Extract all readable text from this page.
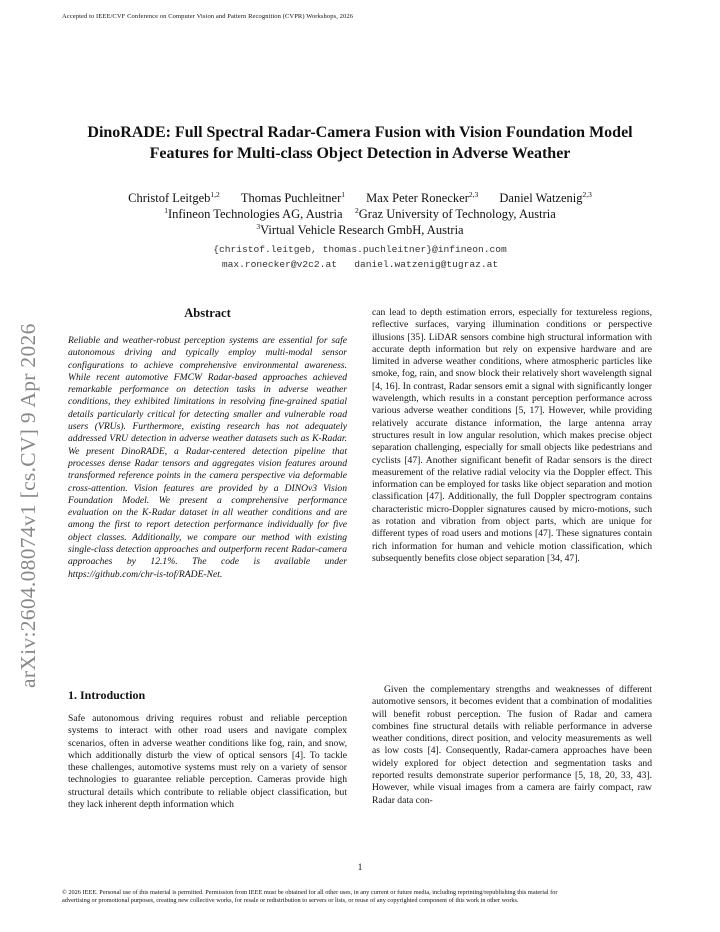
Accepted to IEEE/CVF Conference on Computer Vision and Pattern Recognition (CVPR) Workshops, 2026
arXiv:2604.08074v1 [cs.CV] 9 Apr 2026
DinoRADE: Full Spectral Radar-Camera Fusion with Vision Foundation Model
Features for Multi-class Object Detection in Adverse Weather
Christof Leitgeb$^{1,2}$ Thomas Puchleitner$^1$ Max Peter Ronecker$^{2,3}$ Daniel Watzenig$^{2,3}$
$^1$Infineon Technologies AG, Austria $^2$Graz University of Technology, Austria
$^3$Virtual Vehicle Research GmbH, Austria
{christof.leitgeb, thomas.puchleitner}@infineon.com
max.ronecker@v2c2.at   daniel.watzenig@tugraz.at
Abstract

Reliable and weather-robust perception systems are essential for safe autonomous driving and typically employ multi-modal sensor configurations to achieve comprehensive environmental awareness. While recent automotive FMCW Radar-based approaches achieved remarkable performance on detection tasks in adverse weather conditions, they exhibited limitations in resolving fine-grained spatial details particularly critical for detecting smaller and vulnerable road users (VRUs). Furthermore, existing research has not adequately addressed VRU detection in adverse weather datasets such as K-Radar. We present DinoRADE, a Radar-centered detection pipeline that processes dense Radar tensors and aggregates vision features around transformed reference points in the camera perspective via deformable cross-attention. Vision features are provided by a DINOv3 Vision Foundation Model. We present a comprehensive performance evaluation on the K-Radar dataset in all weather conditions and are among the first to report detection performance individually for five object classes. Additionally, we compare our method with existing single-class detection approaches and outperform recent Radar-camera approaches by 12.1%. The code is available under https://github.com/chr-is-tof/RADE-Net.

1. Introduction

Safe autonomous driving requires robust and reliable perception systems to interact with other road users and navigate complex scenarios, often in adverse weather conditions like fog, rain, and snow, which additionally disturb the view of optical sensors [4]. To tackle these challenges, automotive systems must rely on a variety of sensor technologies to guarantee reliable perception. Cameras provide high structural details which contribute to reliable object classification, but they lack inherent depth information which

can lead to depth estimation errors, especially for textureless regions, reflective surfaces, varying illumination conditions or perspective illusions [35]. LiDAR sensors combine high structural information with accurate depth information but rely on expensive hardware and are limited in adverse weather conditions, where atmospheric particles like smoke, fog, rain, and snow block their relatively short wavelength signal [4, 16]. In contrast, Radar sensors emit a signal with significantly longer wavelength, which results in a constant perception performance across various adverse weather conditions [5, 17]. However, while providing relatively accurate distance information, the large antenna array structures result in low angular resolution, which makes precise object separation challenging, especially for small objects like pedestrians and cyclists [47]. Another significant benefit of Radar sensors is the direct measurement of the relative radial velocity via the Doppler effect. This information can be employed for tasks like object separation and motion classification [47]. Additionally, the full Doppler spectrogram contains characteristic micro-Doppler signatures caused by micro-motions, such as rotation and vibration from object parts, which are unique for different types of road users and motions [47]. These signatures contain rich information for human and vehicle motion classification, which subsequently benefits close object separation [34, 47].

Given the complementary strengths and weaknesses of different automotive sensors, it becomes evident that a combination of modalities will benefit robust perception. The fusion of Radar and camera combines fine structural details with reliable performance in adverse weather conditions, direct position, and velocity measurements as well as low costs [4]. Consequently, Radar-camera approaches have been widely explored for object detection and segmentation tasks and reported results demonstrate superior performance [5, 18, 20, 33, 43]. However, while visual images from a camera are fairly compact, raw Radar data con-

1
© 2026 IEEE. Personal use of this material is permitted. Permission from IEEE must be obtained for all other uses, in any current or future media, including reprinting/republishing this material for advertising or promotional purposes, creating new collective works, for resale or redistribution to servers or lists, or reuse of any copyrighted component of this work in other works.
